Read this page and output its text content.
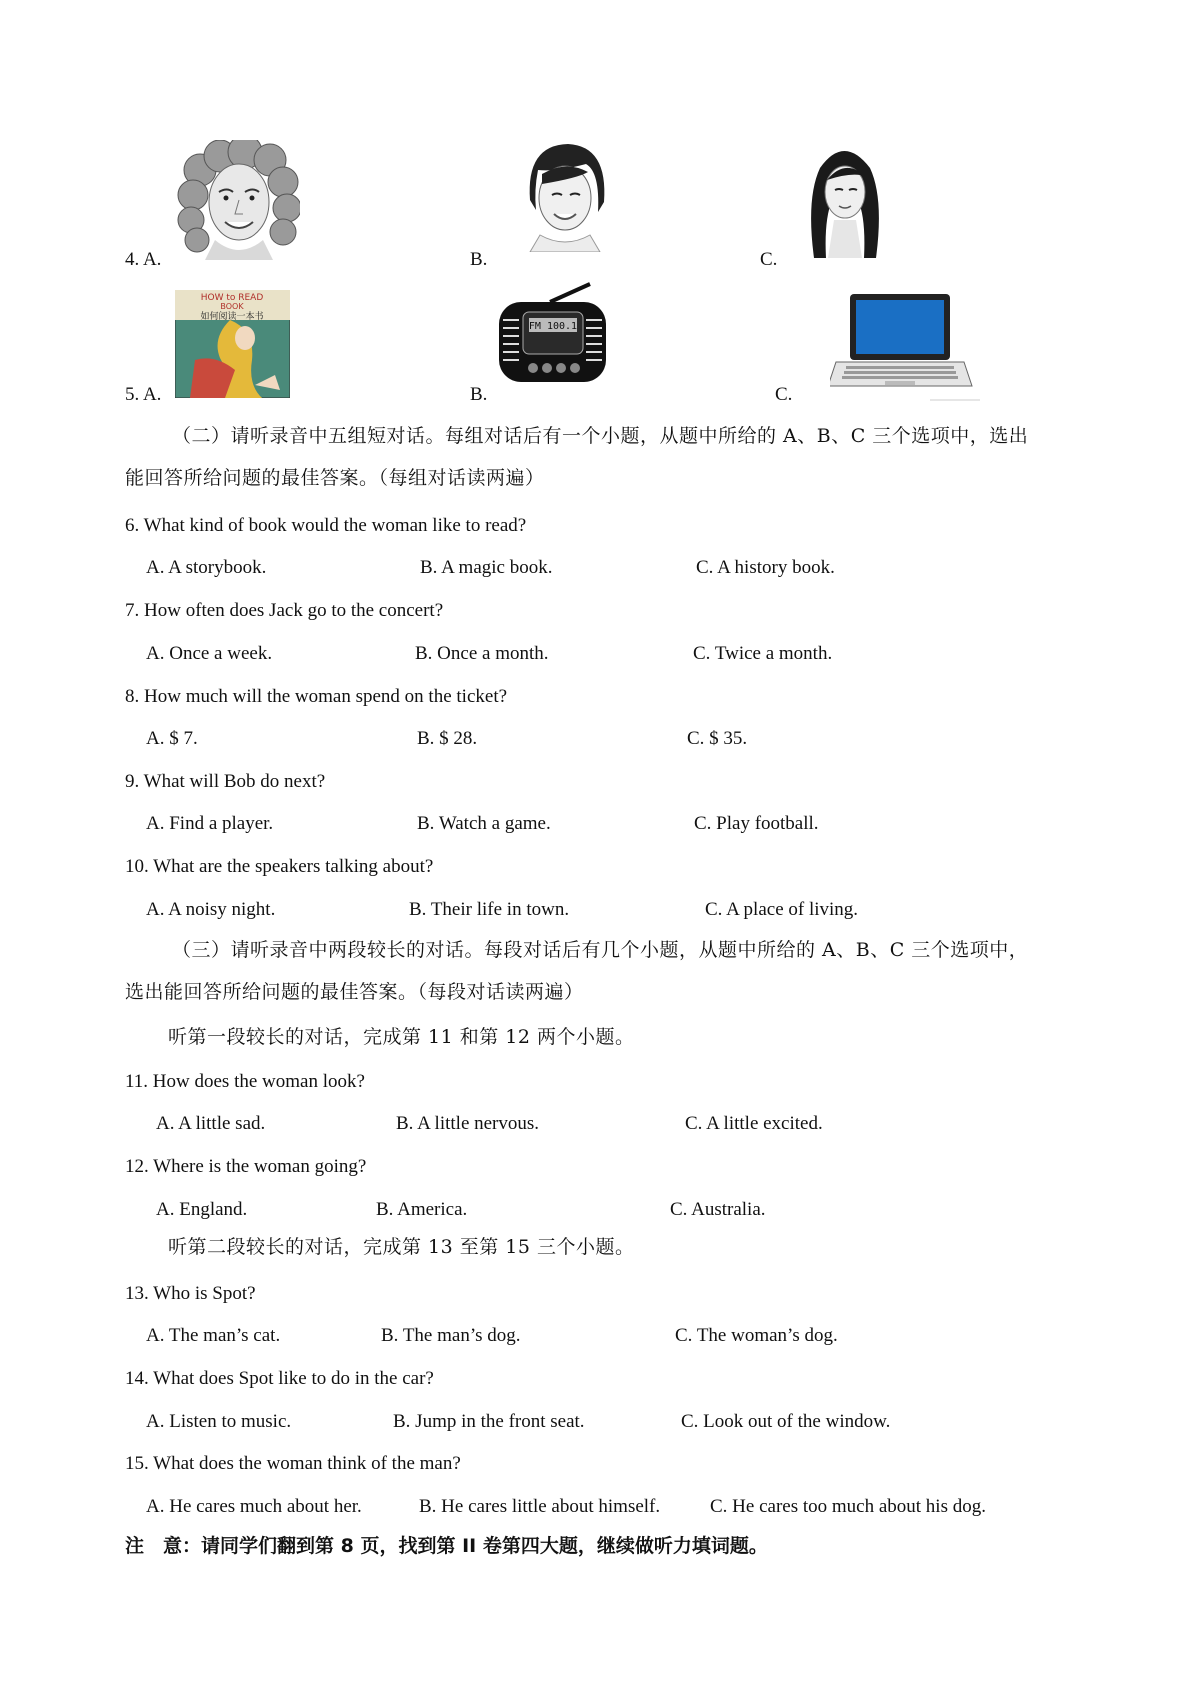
4. A.	B.	C.
5. A.	B.	C.
HOW to READ
BOOK
如何阅读一本书
FM 100.1
（二）请听录音中五组短对话。每组对话后有一个小题，从题中所给的 A、B、C 三个选项中，选出
能回答所给问题的最佳答案。（每组对话读两遍）
6. What kind of book would the woman like to read?
A. A storybook.	B. A magic book.	C. A history book.
7. How often does Jack go to the concert?
A. Once a week.	B. Once a month.	C. Twice a month.
8. How much will the woman spend on the ticket?
A. $ 7.	B. $ 28.	C. $ 35.
9. What will Bob do next?
A. Find a player.	B. Watch a game.	C. Play football.
10. What are the speakers talking about?
A. A noisy night.	B. Their life in town.	C. A place of living.
（三）请听录音中两段较长的对话。每段对话后有几个小题，从题中所给的 A、B、C 三个选项中，
选出能回答所给问题的最佳答案。（每段对话读两遍）
听第一段较长的对话，完成第 11 和第 12 两个小题。
11. How does the woman look?
A. A little sad.	B. A little nervous.	C. A little excited.
12. Where is the woman going?
A. England.	B. America.	C. Australia.
听第二段较长的对话，完成第 13 至第 15 三个小题。
13. Who is Spot?
A. The man’s cat.	B. The man’s dog.	C. The woman’s dog.
14. What does Spot like to do in the car?
A. Listen to music.	B. Jump in the front seat.	C. Look out of the window.
15. What does the woman think of the man?
A. He cares much about her.	B. He cares little about himself.	C. He cares too much about his dog.
注　意：请同学们翻到第 8 页，找到第 II 卷第四大题，继续做听力填词题。
